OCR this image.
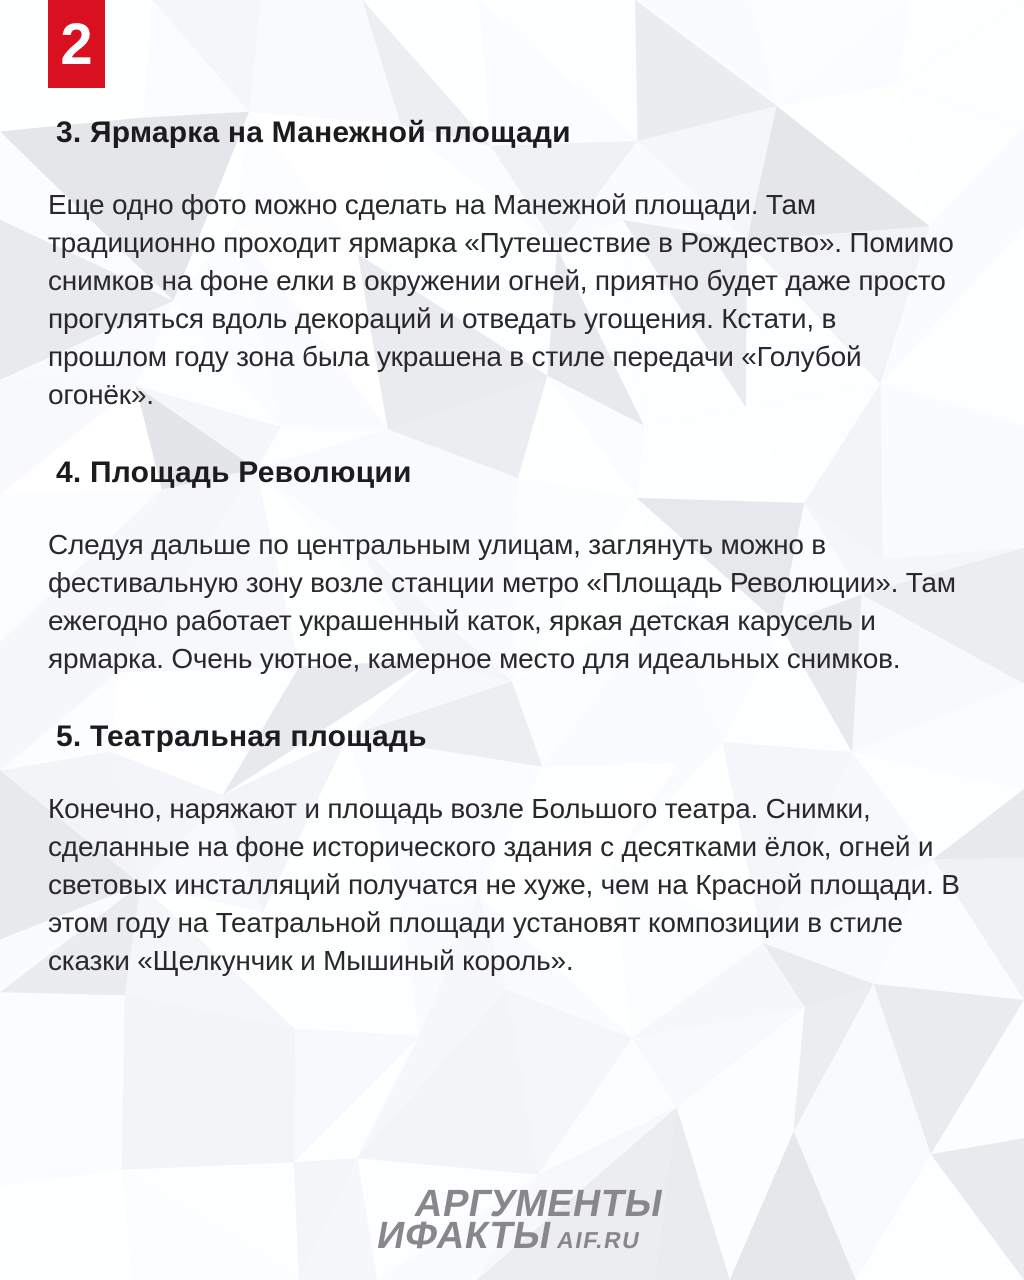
2
3. Ярмарка на Манежной площади

Еще одно фото можно сделать на Манежной площади. Там традиционно проходит ярмарка «Путешествие в Рождество». Помимо снимков на фоне елки в окружении огней, приятно будет даже просто прогуляться вдоль декораций и отведать угощения. Кстати, в прошлом году зона была украшена в стиле передачи «Голубой огонёк».

4. Площадь Революции

Следуя дальше по центральным улицам, заглянуть можно в фестивальную зону возле станции метро «Площадь Революции». Там ежегодно работает украшенный каток, яркая детская карусель и ярмарка. Очень уютное, камерное место для идеальных снимков.

5. Театральная площадь

Конечно, наряжают и площадь возле Большого театра. Снимки, сделанные на фоне исторического здания с десятками ёлок, огней и световых инсталляций получатся не хуже, чем на Красной площади. В этом году на Театральной площади установят композиции в стиле сказки «Щелкунчик и Мышиный король».

АРГУМЕНТЫ
ИФАКТЫ AIF.RU
